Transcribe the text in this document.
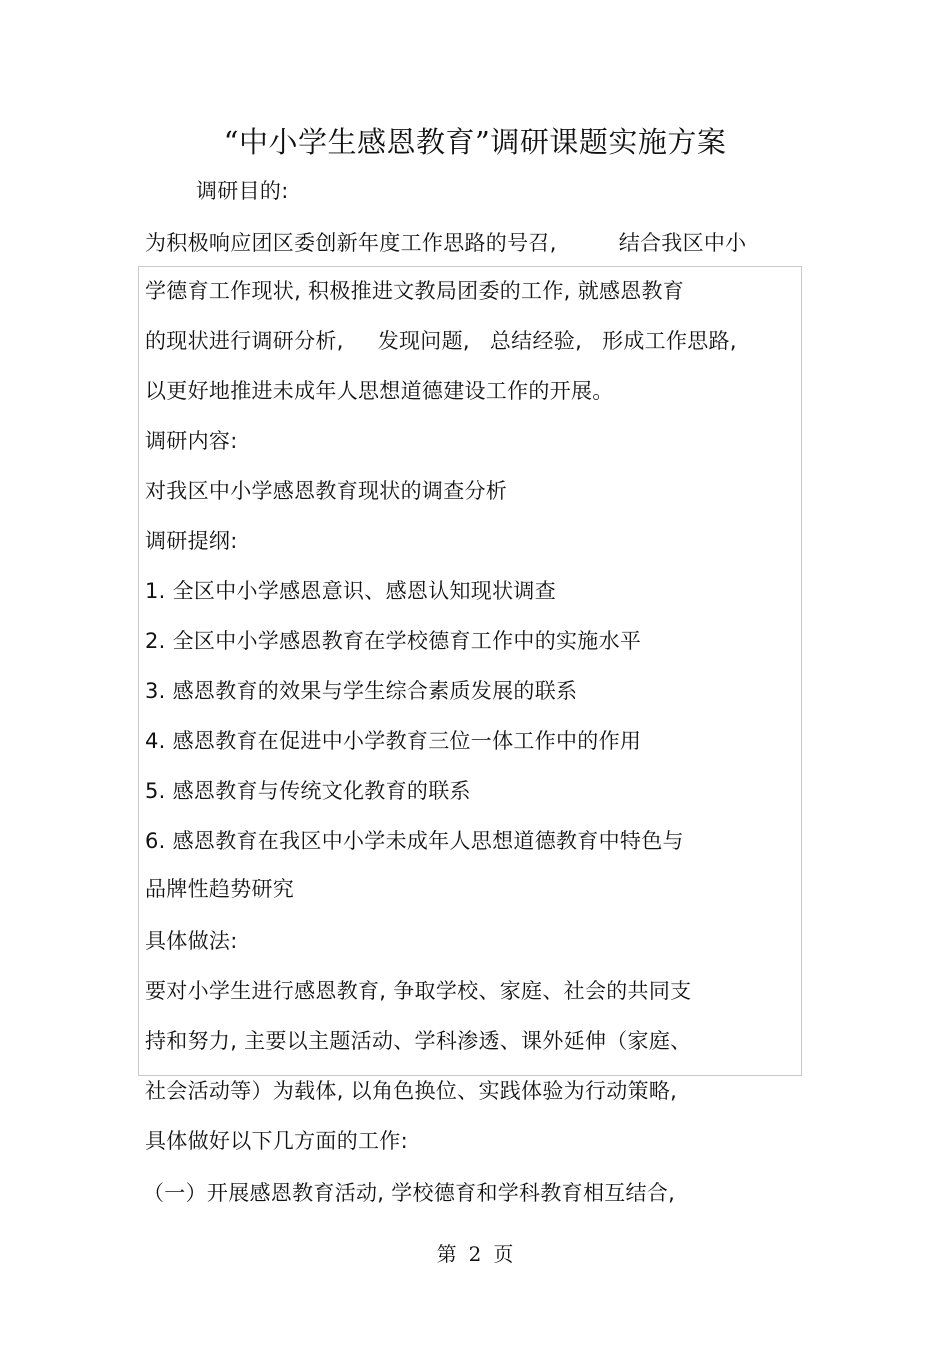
“中小学生感恩教育”调研课题实施方案
调研目的:
为积极响应团区委创新年度工作思路的号召,	结合我区中小
学德育工作现状, 积极推进文教局团委的工作, 就感恩教育
的现状进行调研分析, 发现问题, 总结经验, 形成工作思路,
以更好地推进未成年人思想道德建设工作的开展。
调研内容:
对我区中小学感恩教育现状的调查分析
调研提纲:
1. 全区中小学感恩意识、感恩认知现状调查
2. 全区中小学感恩教育在学校德育工作中的实施水平
3. 感恩教育的效果与学生综合素质发展的联系
4. 感恩教育在促进中小学教育三位一体工作中的作用
5. 感恩教育与传统文化教育的联系
6. 感恩教育在我区中小学未成年人思想道德教育中特色与
品牌性趋势研究
具体做法:
要对小学生进行感恩教育, 争取学校、家庭、社会的共同支
持和努力, 主要以主题活动、学科渗透、课外延伸（家庭、
社会活动等）为载体, 以角色换位、实践体验为行动策略,
具体做好以下几方面的工作:
（一）开展感恩教育活动, 学校德育和学科教育相互结合,
第 2 页
